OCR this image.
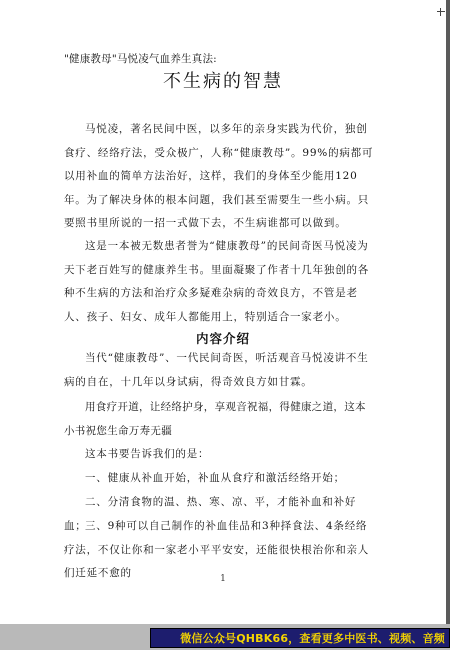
"健康教母"马悦凌气血养生真法:
不生病的智慧

马悦凌，著名民间中医，以多年的亲身实践为代价，独创食疗、经络疗法，受众极广，人称“健康教母”。99%的病都可以用补血的简单方法治好，这样，我们的身体至少能用120年。为了解决身体的根本问题，我们甚至需要生一些小病。只要照书里所说的一招一式做下去，不生病谁都可以做到。

这是一本被无数患者誉为“健康教母”的民间奇医马悦凌为天下老百姓写的健康养生书。里面凝聚了作者十几年独创的各种不生病的方法和治疗众多疑难杂病的奇效良方，不管是老人、孩子、妇女、成年人都能用上，特别适合一家老小。

内容介绍

当代“健康教母”、一代民间奇医，听活观音马悦凌讲不生病的自在，十几年以身试病，得奇效良方如甘霖。

用食疗开道，让经络护身，享观音祝福，得健康之道，这本小书祝您生命万寿无疆

这本书要告诉我们的是：

一、健康从补血开始，补血从食疗和激活经络开始；

二、分清食物的温、热、寒、凉、平，才能补血和补好血；

三、9种可以自己制作的补血佳品和3种择食法、4条经络疗法，不仅让你和一家老小平平安安，还能很快根治你和亲人们迁延不愈的	1
微信公众号QHBK66，查看更多中医书、视频、音频
